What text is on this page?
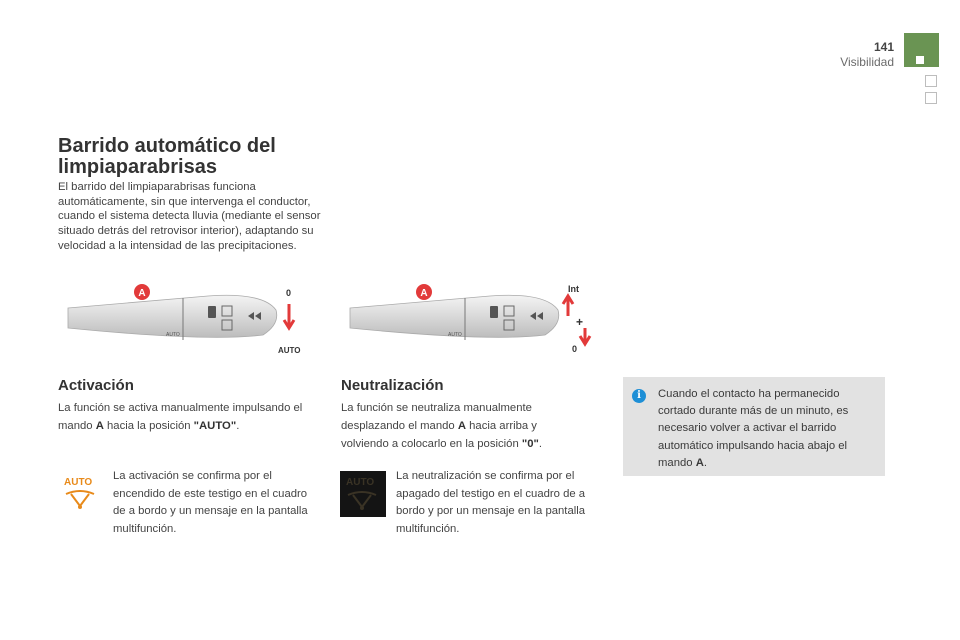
141
Visibilidad
Barrido automático del
limpiaparabrisas
El barrido del limpiaparabrisas funciona automáticamente, sin que intervenga el conductor, cuando el sistema detecta lluvia (mediante el sensor situado detrás del retrovisor interior), adaptando su velocidad a la intensidad de las precipitaciones.
AUTO
A	0
AUTO
AUTO
A	Int
+
0
Activación
La función se activa manualmente impulsando el mando A hacia la posición "AUTO".
AUTO
La activación se confirma por el encendido de este testigo en el cuadro de a bordo y un mensaje en la pantalla multifunción.
Neutralización
La función se neutraliza manualmente desplazando el mando A hacia arriba y volviendo a colocarlo en la posición "0".
AUTO
La neutralización se confirma por el apagado del testigo en el cuadro de a bordo y por un mensaje en la pantalla multifunción.
i	Cuando el contacto ha permanecido cortado durante más de un minuto, es necesario volver a activar el barrido automático impulsando hacia abajo el mando A.
